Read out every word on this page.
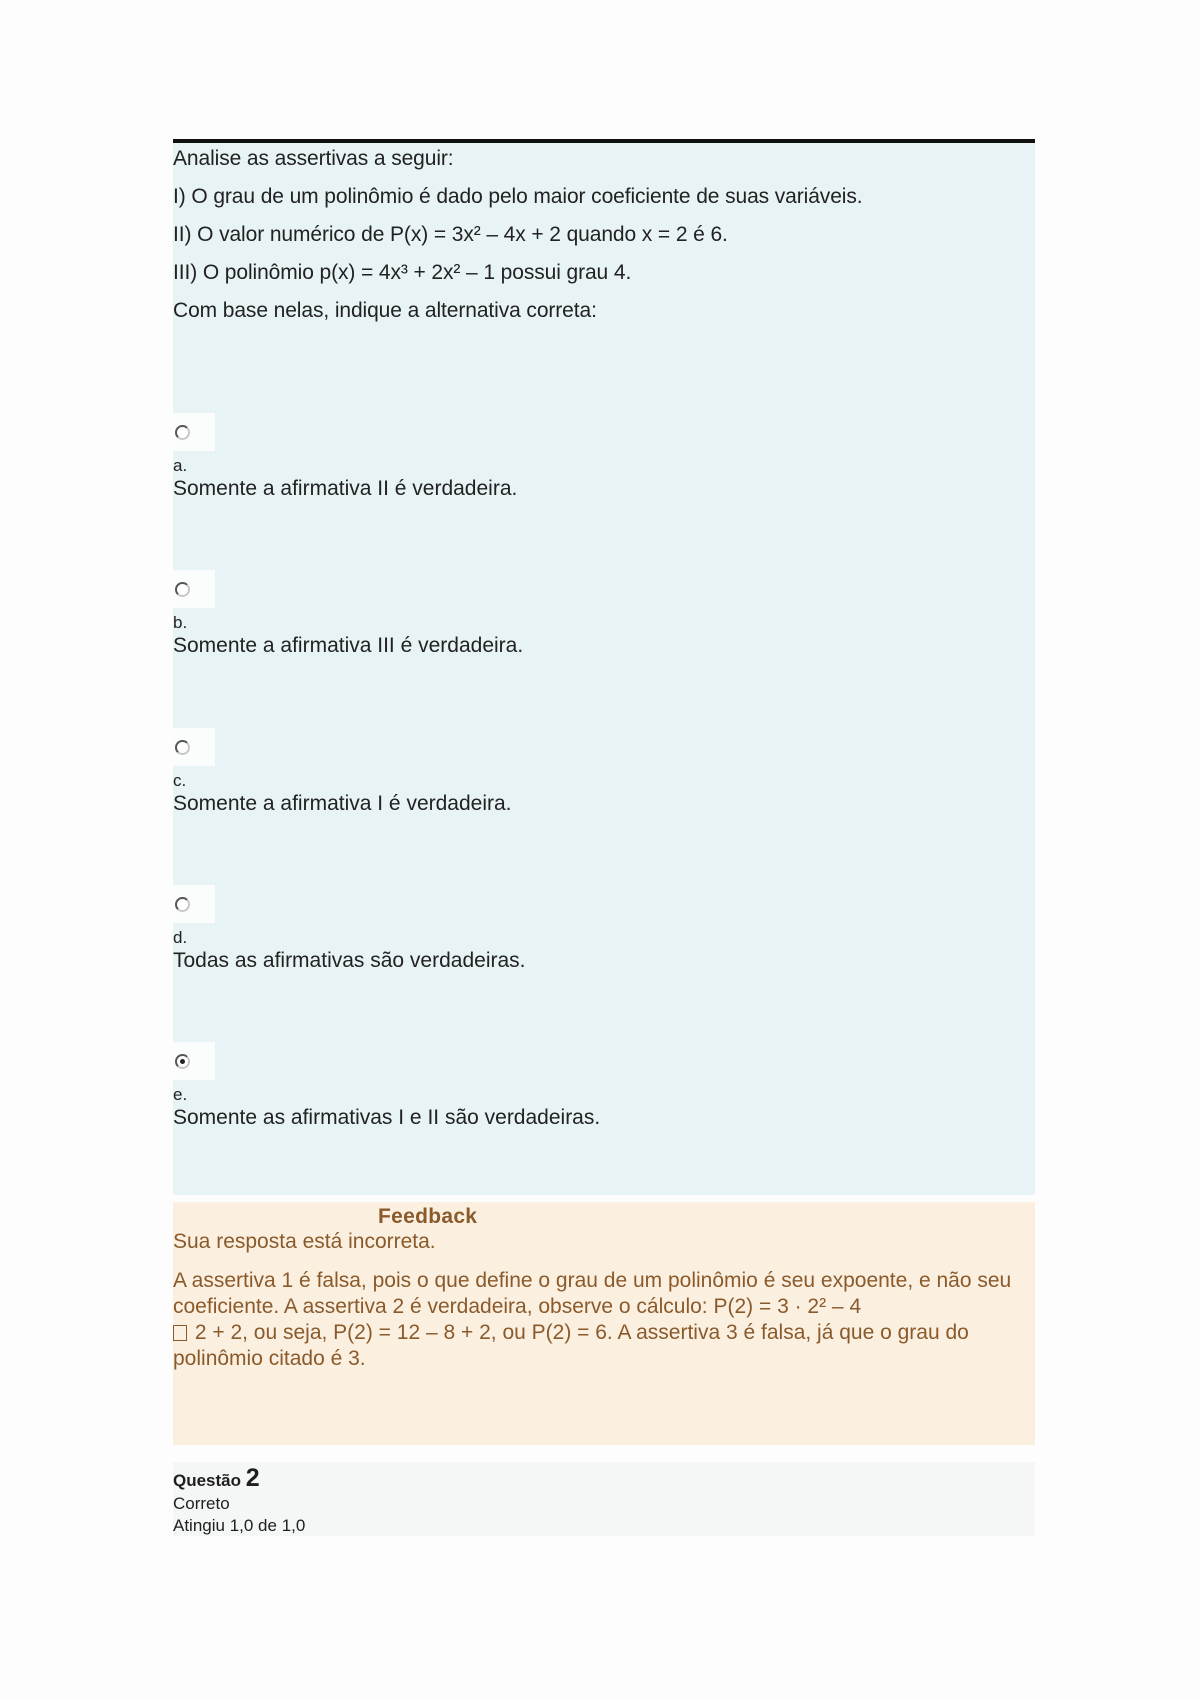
Analise as assertivas a seguir:

I) O grau de um polinômio é dado pelo maior coeficiente de suas variáveis.

II) O valor numérico de P(x) = 3x² – 4x + 2 quando x = 2 é 6.

III) O polinômio p(x) = 4x³ + 2x² – 1 possui grau 4.

Com base nelas, indique a alternativa correta:

a.
Somente a afirmativa II é verdadeira.
b.
Somente a afirmativa III é verdadeira.
c.
Somente a afirmativa I é verdadeira.
d.
Todas as afirmativas são verdadeiras.
e.
Somente as afirmativas I e II são verdadeiras.
Feedback
Sua resposta está incorreta.
A assertiva 1 é falsa, pois o que define o grau de um polinômio é seu expoente, e não seu coeficiente. A assertiva 2 é verdadeira, observe o cálculo: P(2) = 3 · 2² – 4
2 + 2, ou seja, P(2) = 12 – 8 + 2, ou P(2) = 6. A assertiva 3 é falsa, já que o grau do polinômio citado é 3.
Questão 2
Correto
Atingiu 1,0 de 1,0
